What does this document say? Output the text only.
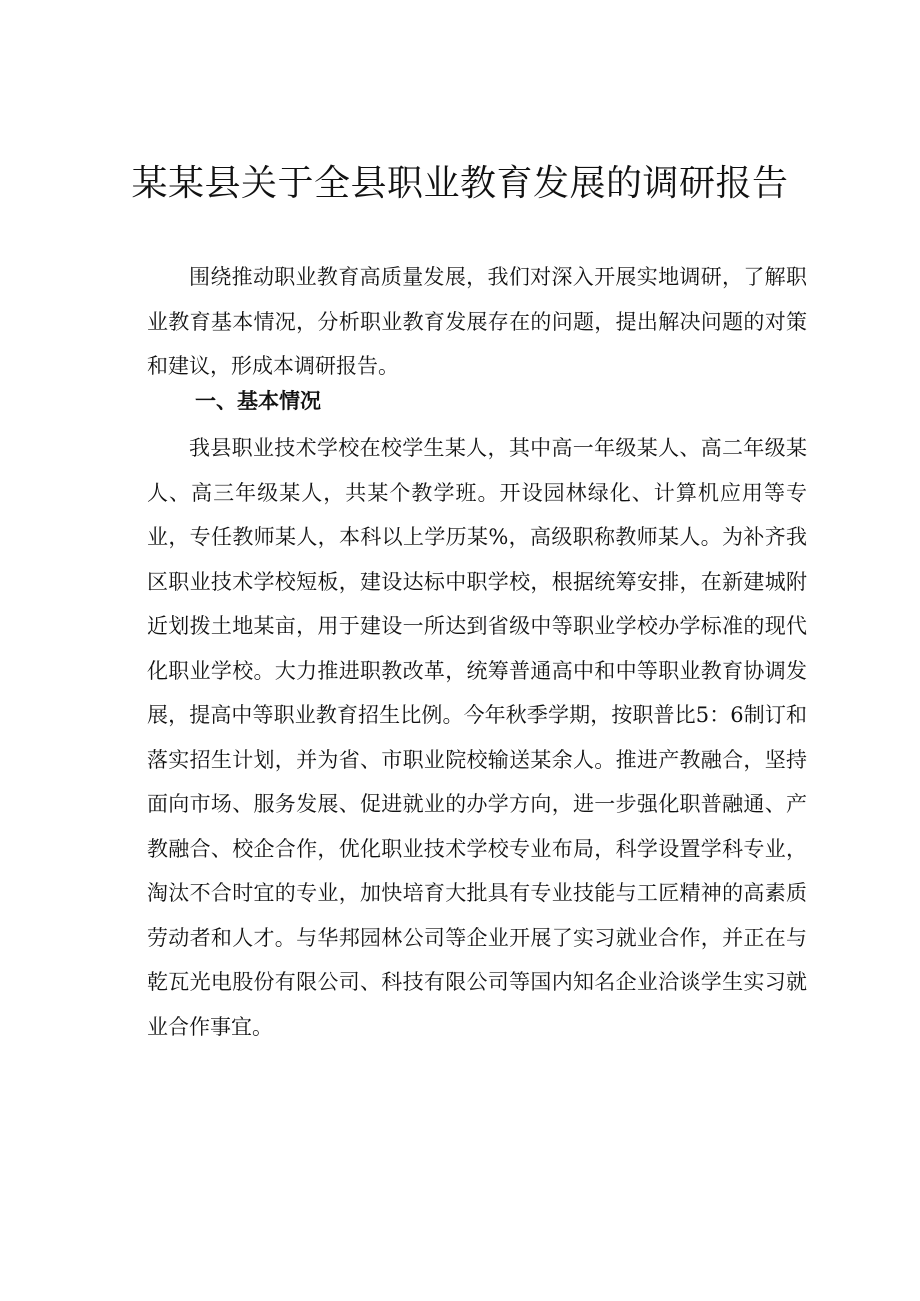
某某县关于全县职业教育发展的调研报告

围绕推动职业教育高质量发展，我们对深入开展实地调研，了解职业教育基本情况，分析职业教育发展存在的问题，提出解决问题的对策和建议，形成本调研报告。

一、基本情况

我县职业技术学校在校学生某人，其中高一年级某人、高二年级某人、高三年级某人，共某个教学班。开设园林绿化、计算机应用等专业，专任教师某人，本科以上学历某%，高级职称教师某人。为补齐我区职业技术学校短板，建设达标中职学校，根据统筹安排，在新建城附近划拨土地某亩，用于建设一所达到省级中等职业学校办学标准的现代化职业学校。大力推进职教改革，统筹普通高中和中等职业教育协调发展，提高中等职业教育招生比例。今年秋季学期，按职普比5：6制订和落实招生计划，并为省、市职业院校输送某余人。推进产教融合，坚持面向市场、服务发展、促进就业的办学方向，进一步强化职普融通、产教融合、校企合作，优化职业技术学校专业布局，科学设置学科专业，淘汰不合时宜的专业，加快培育大批具有专业技能与工匠精神的高素质劳动者和人才。与华邦园林公司等企业开展了实习就业合作，并正在与乾瓦光电股份有限公司、科技有限公司等国内知名企业洽谈学生实习就业合作事宜。
